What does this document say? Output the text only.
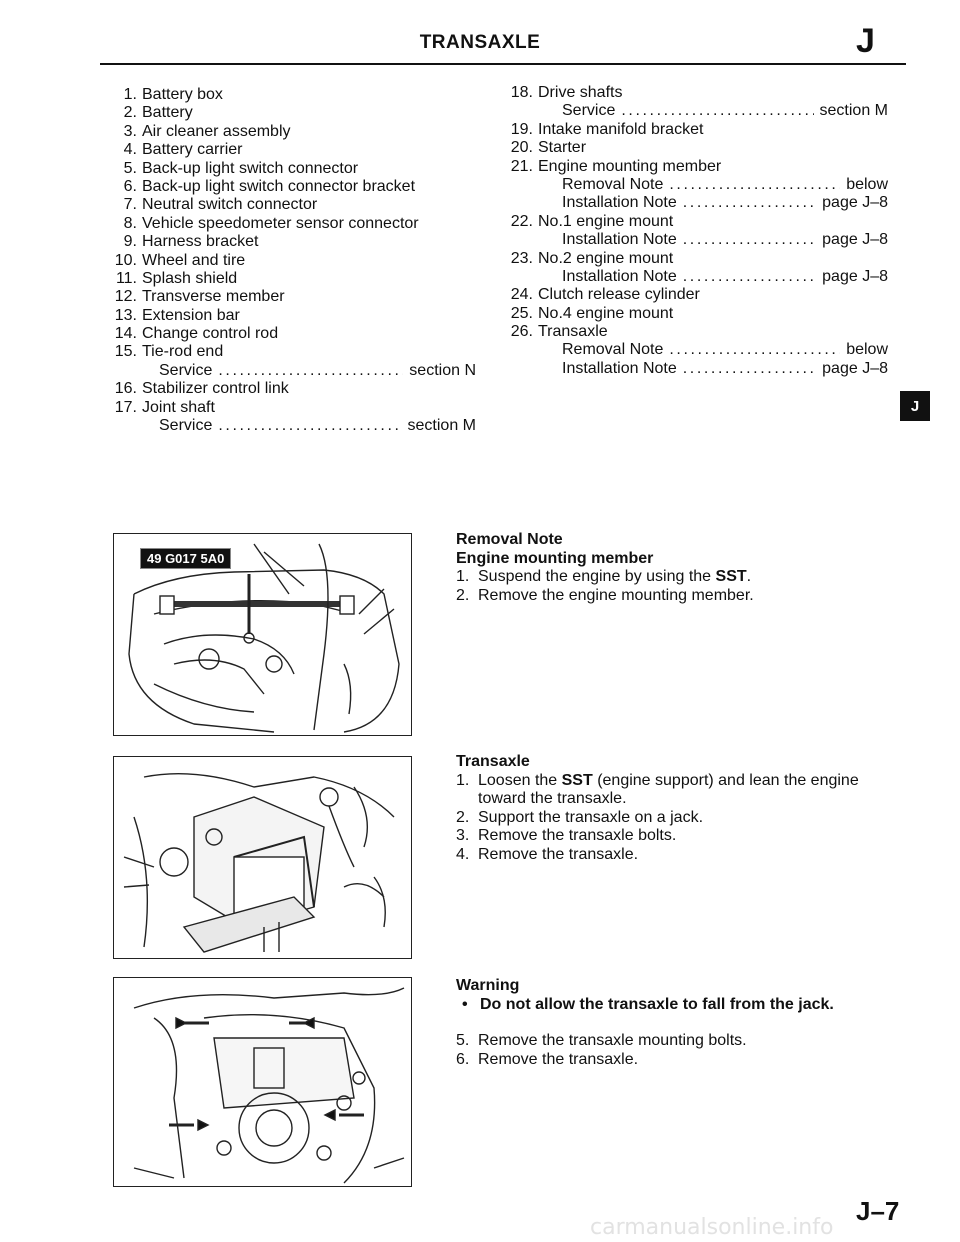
TRANSAXLE	J
1. Battery box
2. Battery
3. Air cleaner assembly
4. Battery carrier
5. Back-up light switch connector
6. Back-up light switch connector bracket
7. Neutral switch connector
8. Vehicle speedometer sensor connector
9. Harness bracket
10. Wheel and tire
11. Splash shield
12. Transverse member
13. Extension bar
14. Change control rod
15. Tie-rod end
Service .....	section N
16. Stabilizer control link
17. Joint shaft
Service .....	section M
18. Drive shafts
Service .....	section M
19. Intake manifold bracket
20. Starter
21. Engine mounting member
Removal Note .....	below
Installation Note .....	page J–8
22. No.1 engine mount
Installation Note .....	page J–8
23. No.2 engine mount
Installation Note .....	page J–8
24. Clutch release cylinder
25. No.4 engine mount
26. Transaxle
Removal Note .....	below
Installation Note .....	page J–8
J
49 G017 5A0
Removal Note
Engine mounting member
1. Suspend the engine by using the SST.
2. Remove the engine mounting member.
Transaxle
1. Loosen the SST (engine support) and lean the engine toward the transaxle.
2. Support the transaxle on a jack.
3. Remove the transaxle bolts.
4. Remove the transaxle.
Warning
• Do not allow the transaxle to fall from the jack.
5. Remove the transaxle mounting bolts.
6. Remove the transaxle.
J–7
carmanualsonline.info
